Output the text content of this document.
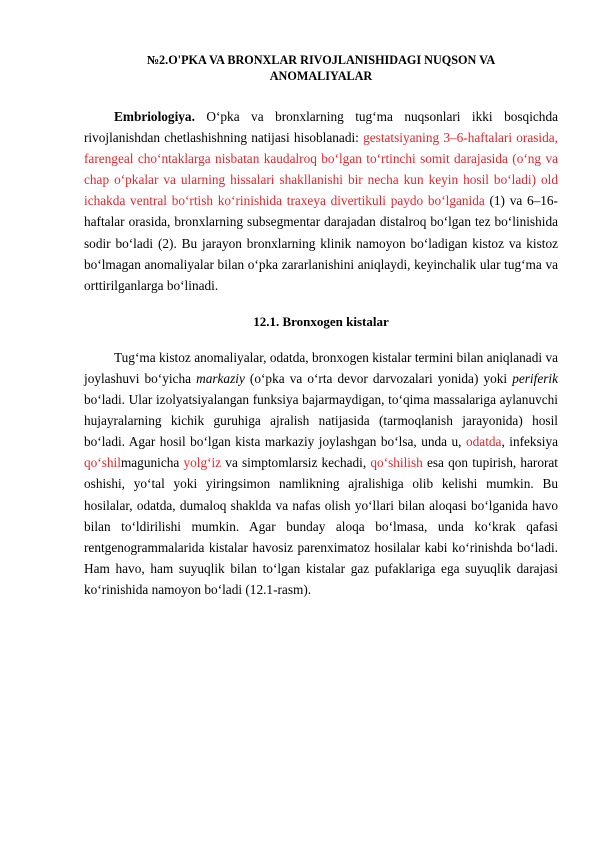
№2.O'PKA VA BRONXLAR RIVOJLANISHIDAGI NUQSON VA ANOMALIYALAR

Embriologiya. O‘pka va bronxlarning tug‘ma nuqsonlari ikki bosqichda rivojlanishdan chetlashishning natijasi hisoblanadi: gestatsiyaning 3–6-haftalari orasida, farengeal cho‘ntaklarga nisbatan kaudalroq bo‘lgan to‘rtinchi somit darajasida (o‘ng va chap o‘pkalar va ularning hissalari shakllanishi bir necha kun keyin hosil bo‘ladi) old ichakda ventral bo‘rtish ko‘rinishida traxeya divertikuli paydo bo‘lganida (1) va 6–16-haftalar orasida, bronxlarning subsegmentar darajadan distalroq bo‘lgan tez bo‘linishida sodir bo‘ladi (2). Bu jarayon bronxlarning klinik namoyon bo‘ladigan kistoz va kistoz bo‘lmagan anomaliyalar bilan o‘pka zararlanishini aniqlaydi, keyinchalik ular tug‘ma va orttirilganlarga bo‘linadi.

12.1. Bronxogen kistalar

Tug‘ma kistoz anomaliyalar, odatda, bronxogen kistalar termini bilan aniqlanadi va joylashuvi bo‘yicha markaziy (o‘pka va o‘rta devor darvozalari yonida) yoki periferik bo‘ladi. Ular izolyatsiyalangan funksiya bajarmaydigan, to‘qima massalariga aylanuvchi hujayralarning kichik guruhiga ajralish natijasida (tarmoqlanish jarayonida) hosil bo‘ladi. Agar hosil bo‘lgan kista markaziy joylashgan bo‘lsa, unda u, odatda, infeksiya qo‘shilmagunicha yolg‘iz va simptomlarsiz kechadi, qo‘shilish esa qon tupirish, harorat oshishi, yo‘tal yoki yiringsimon namlikning ajralishiga olib kelishi mumkin. Bu hosilalar, odatda, dumaloq shaklda va nafas olish yo‘llari bilan aloqasi bo‘lganida havo bilan to‘ldirilishi mumkin. Agar bunday aloqa bo‘lmasa, unda ko‘krak qafasi rentgenogrammalarida kistalar havosiz parenximatoz hosilalar kabi ko‘rinishda bo‘ladi. Ham havo, ham suyuqlik bilan to‘lgan kistalar gaz pufaklariga ega suyuqlik darajasi ko‘rinishida namoyon bo‘ladi (12.1-rasm).
